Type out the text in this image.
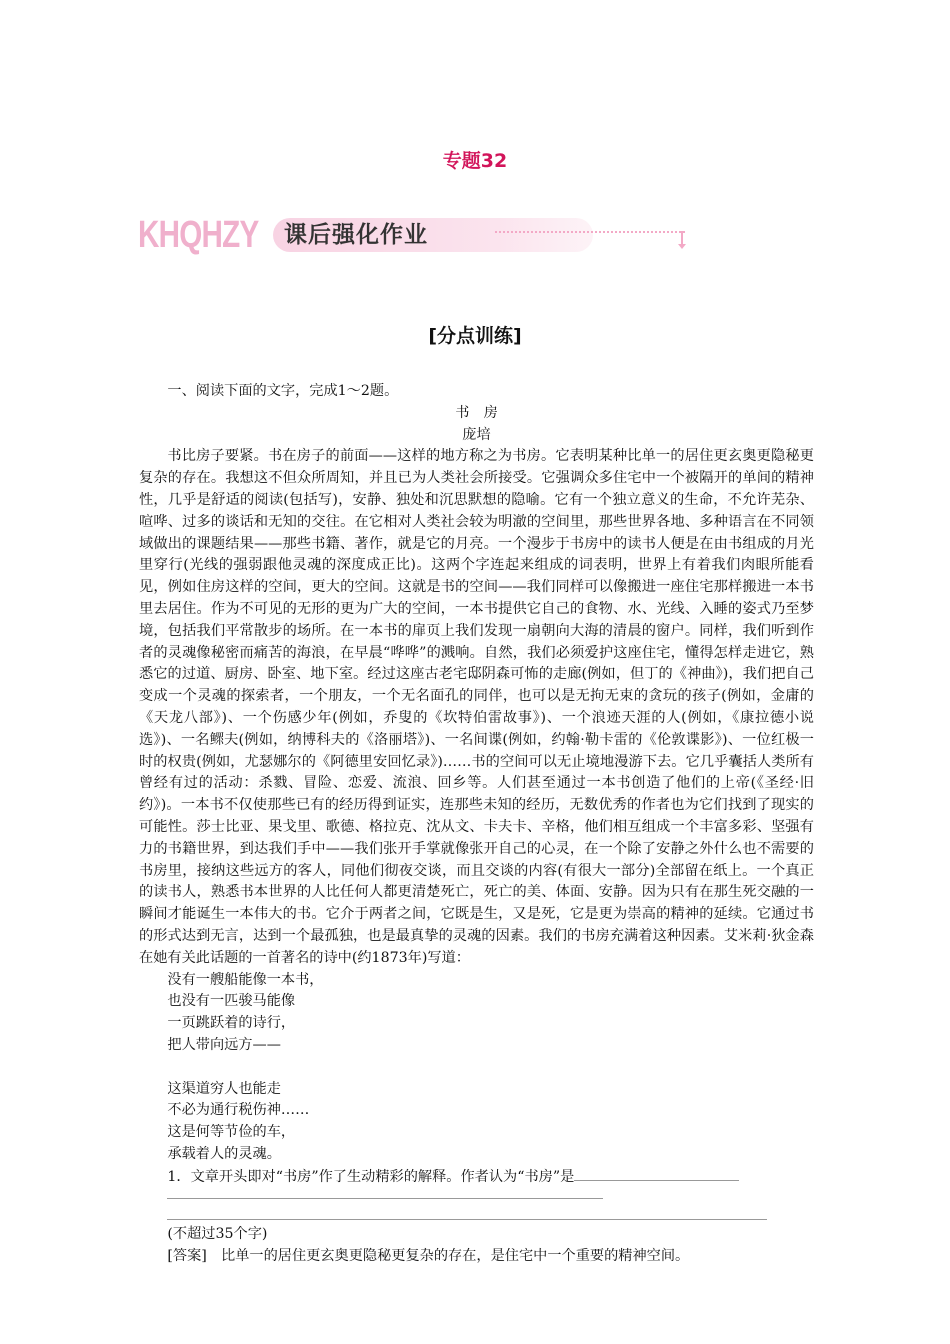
专题32
KHQHZY 课后强化作业
[分点训练]

一、阅读下面的文字，完成1～2题。

书　房

庞培

书比房子要紧。书在房子的前面——这样的地方称之为书房。它表明某种比单一的居住更玄奥更隐秘更复杂的存在。我想这不但众所周知，并且已为人类社会所接受。它强调众多住宅中一个被隔开的单间的精神性，几乎是舒适的阅读(包括写)，安静、独处和沉思默想的隐喻。它有一个独立意义的生命，不允许芜杂、喧哗、过多的谈话和无知的交往。在它相对人类社会较为明澈的空间里，那些世界各地、多种语言在不同领域做出的课题结果——那些书籍、著作，就是它的月亮。一个漫步于书房中的读书人便是在由书组成的月光里穿行(光线的强弱跟他灵魂的深度成正比)。这两个字连起来组成的词表明，世界上有着我们肉眼所能看见，例如住房这样的空间，更大的空间。这就是书的空间——我们同样可以像搬进一座住宅那样搬进一本书里去居住。作为不可见的无形的更为广大的空间，一本书提供它自己的食物、水、光线、入睡的姿式乃至梦境，包括我们平常散步的场所。在一本书的扉页上我们发现一扇朝向大海的清晨的窗户。同样，我们听到作者的灵魂像秘密而痛苦的海浪，在早晨“哗哗”的溅响。自然，我们必须爱护这座住宅，懂得怎样走进它，熟悉它的过道、厨房、卧室、地下室。经过这座古老宅邸阴森可怖的走廊(例如，但丁的《神曲》)，我们把自己变成一个灵魂的探索者，一个朋友，一个无名面孔的同伴，也可以是无拘无束的贪玩的孩子(例如，金庸的《天龙八部》)、一个伤感少年(例如，乔叟的《坎特伯雷故事》)、一个浪迹天涯的人(例如，《康拉德小说选》)、一名鳏夫(例如，纳博科夫的《洛丽塔》)、一名间谍(例如，约翰·勒卡雷的《伦敦谍影》)、一位红极一时的权贵(例如，尤瑟娜尔的《阿德里安回忆录》)……书的空间可以无止境地漫游下去。它几乎囊括人类所有曾经有过的活动：杀戮、冒险、恋爱、流浪、回乡等。人们甚至通过一本书创造了他们的上帝(《圣经·旧约》)。一本书不仅使那些已有的经历得到证实，连那些未知的经历，无数优秀的作者也为它们找到了现实的可能性。莎士比亚、果戈里、歌德、格拉克、沈从文、卡夫卡、辛格，他们相互组成一个丰富多彩、坚强有力的书籍世界，到达我们手中——我们张开手掌就像张开自己的心灵，在一个除了安静之外什么也不需要的书房里，接纳这些远方的客人，同他们彻夜交谈，而且交谈的内容(有很大一部分)全部留在纸上。一个真正的读书人，熟悉书本世界的人比任何人都更清楚死亡，死亡的美、体面、安静。因为只有在那生死交融的一瞬间才能诞生一本伟大的书。它介于两者之间，它既是生，又是死，它是更为崇高的精神的延续。它通过书的形式达到无言，达到一个最孤独，也是最真挚的灵魂的因素。我们的书房充满着这种因素。艾米莉·狄金森在她有关此话题的一首著名的诗中(约1873年)写道：

没有一艘船能像一本书，

也没有一匹骏马能像

一页跳跃着的诗行，

把人带向远方——

这渠道穷人也能走

不必为通行税伤神……

这是何等节俭的车，

承载着人的灵魂。

1．文章开头即对“书房”作了生动精彩的解释。作者认为“书房”是

(不超过35个字)

[答案]　 比单一的居住更玄奥更隐秘更复杂的存在，是住宅中一个重要的精神空间。
